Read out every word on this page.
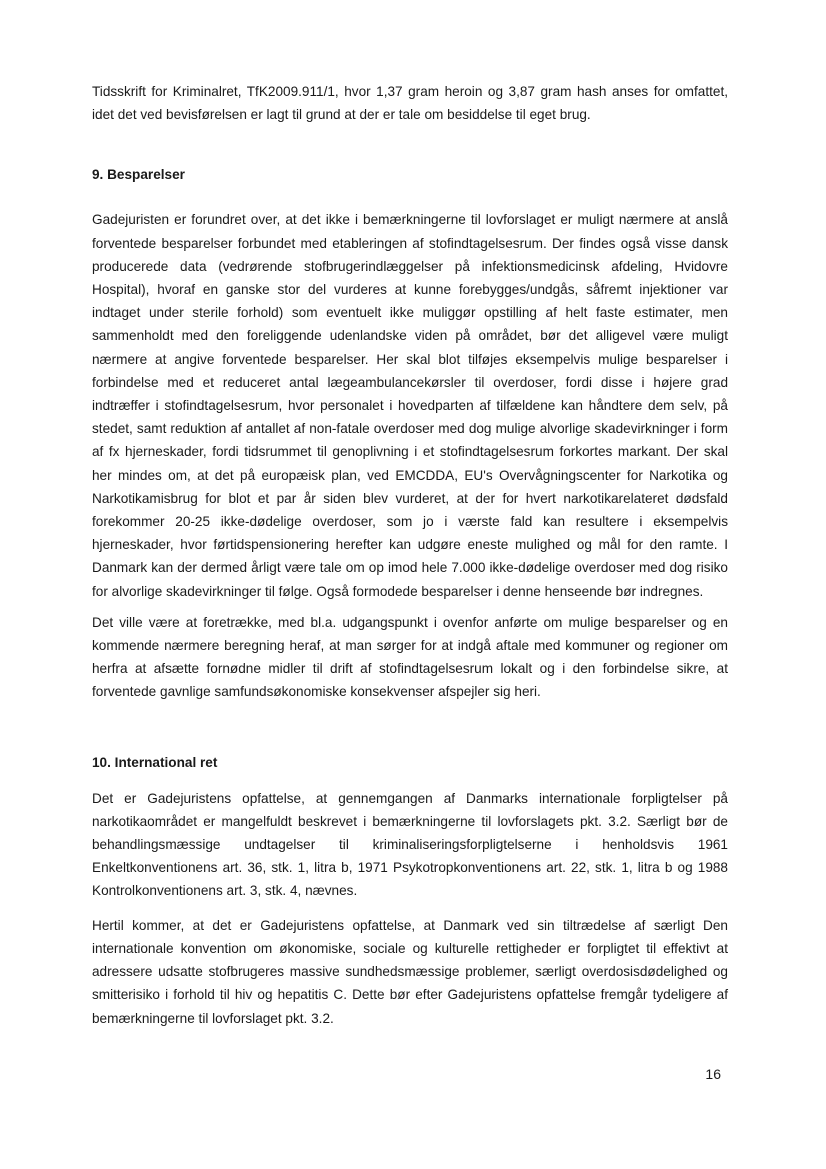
Tidsskrift for Kriminalret, TfK2009.911/1, hvor 1,37 gram heroin og 3,87 gram hash anses for omfattet, idet det ved bevisførelsen er lagt til grund at der er tale om besiddelse til eget brug.

9. Besparelser

Gadejuristen er forundret over, at det ikke i bemærkningerne til lovforslaget er muligt nærmere at anslå forventede besparelser forbundet med etableringen af stofindtagelsesrum. Der findes også visse dansk producerede data (vedrørende stofbrugerindlæggelser på infektionsmedicinsk afdeling, Hvidovre Hospital), hvoraf en ganske stor del vurderes at kunne forebygges/undgås, såfremt injektioner var indtaget under sterile forhold) som eventuelt ikke muliggør opstilling af helt faste estimater, men sammenholdt med den foreliggende udenlandske viden på området, bør det alligevel være muligt nærmere at angive forventede besparelser. Her skal blot tilføjes eksempelvis mulige besparelser i forbindelse med et reduceret antal lægeambulancekørsler til overdoser, fordi disse i højere grad indtræffer i stofindtagelsesrum, hvor personalet i hovedparten af tilfældene kan håndtere dem selv, på stedet, samt reduktion af antallet af non-fatale overdoser med dog mulige alvorlige skadevirkninger i form af fx hjerneskader, fordi tidsrummet til genoplivning i et stofindtagelsesrum forkortes markant. Der skal her mindes om, at det på europæisk plan, ved EMCDDA, EU's Overvågningscenter for Narkotika og Narkotikamisbrug for blot et par år siden blev vurderet, at der for hvert narkotikarelateret dødsfald forekommer 20-25 ikke-dødelige overdoser, som jo i værste fald kan resultere i eksempelvis hjerneskader, hvor førtidspensionering herefter kan udgøre eneste mulighed og mål for den ramte. I Danmark kan der dermed årligt være tale om op imod hele 7.000 ikke-dødelige overdoser med dog risiko for alvorlige skadevirkninger til følge. Også formodede besparelser i denne henseende bør indregnes.

Det ville være at foretrække, med bl.a. udgangspunkt i ovenfor anførte om mulige besparelser og en kommende nærmere beregning heraf, at man sørger for at indgå aftale med kommuner og regioner om herfra at afsætte fornødne midler til drift af stofindtagelsesrum lokalt og i den forbindelse sikre, at forventede gavnlige samfundsøkonomiske konsekvenser afspejler sig heri.

10. International ret

Det er Gadejuristens opfattelse, at gennemgangen af Danmarks internationale forpligtelser på narkotikaområdet er mangelfuldt beskrevet i bemærkningerne til lovforslagets pkt. 3.2. Særligt bør de behandlingsmæssige undtagelser til kriminaliseringsforpligtelserne i henholdsvis 1961 Enkeltkonventionens art. 36, stk. 1, litra b, 1971 Psykotropkonventionens art. 22, stk. 1, litra b og 1988 Kontrolkonventionens art. 3, stk. 4, nævnes.

Hertil kommer, at det er Gadejuristens opfattelse, at Danmark ved sin tiltrædelse af særligt Den internationale konvention om økonomiske, sociale og kulturelle rettigheder er forpligtet til effektivt at adressere udsatte stofbrugeres massive sundhedsmæssige problemer, særligt overdosisdødelighed og smitterisiko i forhold til hiv og hepatitis C. Dette bør efter Gadejuristens opfattelse fremgår tydeligere af bemærkningerne til lovforslaget pkt. 3.2.

16
